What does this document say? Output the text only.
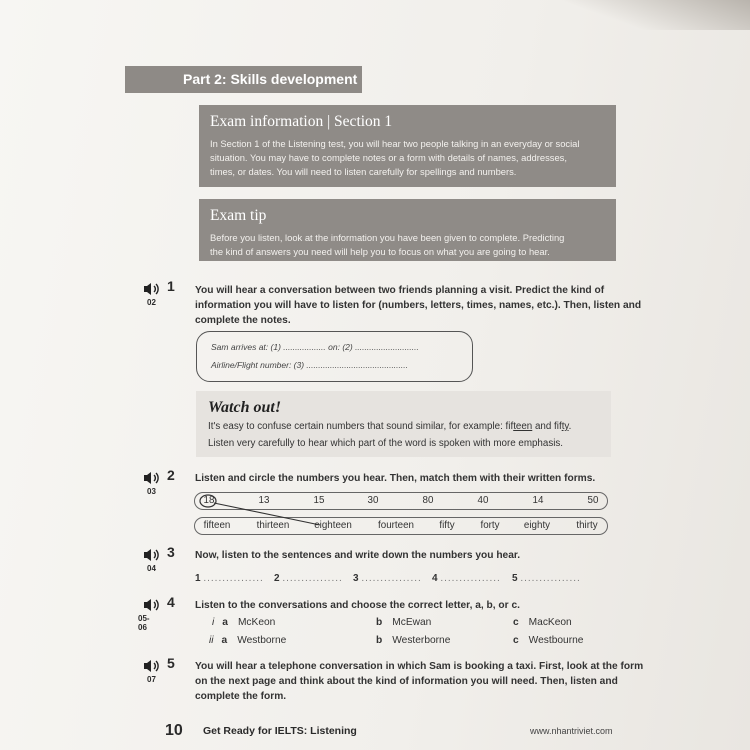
Part 2: Skills development
Exam information | Section 1
In Section 1 of the Listening test, you will hear two people talking in an everyday or social
situation. You may have to complete notes or a form with details of names, addresses,
times, or dates. You will need to listen carefully for spellings and numbers.
Exam tip
Before you listen, look at the information you have been given to complete. Predicting
the kind of answers you need will help you to focus on what you are going to hear.
1
02
You will hear a conversation between two friends planning a visit. Predict the kind of
information you will have to listen for (numbers, letters, times, names, etc.). Then, listen and
complete the notes.
Sam arrives at: (1) .................. on: (2) ...........................
Airline/Flight number: (3) ...........................................
Watch out!
It's easy to confuse certain numbers that sound similar, for example: fifteen and fifty.
Listen very carefully to hear which part of the word is spoken with more emphasis.
2
03
Listen and circle the numbers you hear. Then, match them with their written forms.
18	13	15	30	80	40	14	50
fifteen	thirteen	eighteen	fourteen	fifty	forty eighty	thirty
3
04
Now, listen to the sentences and write down the numbers you hear.
1 ................ 2 ................ 3 ................ 4 ................ 5 ................
4
05-06
Listen to the conversations and choose the correct letter, a, b, or c.
i a McKeon	b McEwan	c MacKeon
ii a Westborne	b Westerborne	c Westbourne
5
07
You will hear a telephone conversation in which Sam is booking a taxi. First, look at the form
on the next page and think about the kind of information you will need. Then, listen and
complete the form.
10 Get Ready for IELTS: Listening	www.nhantriviet.com
